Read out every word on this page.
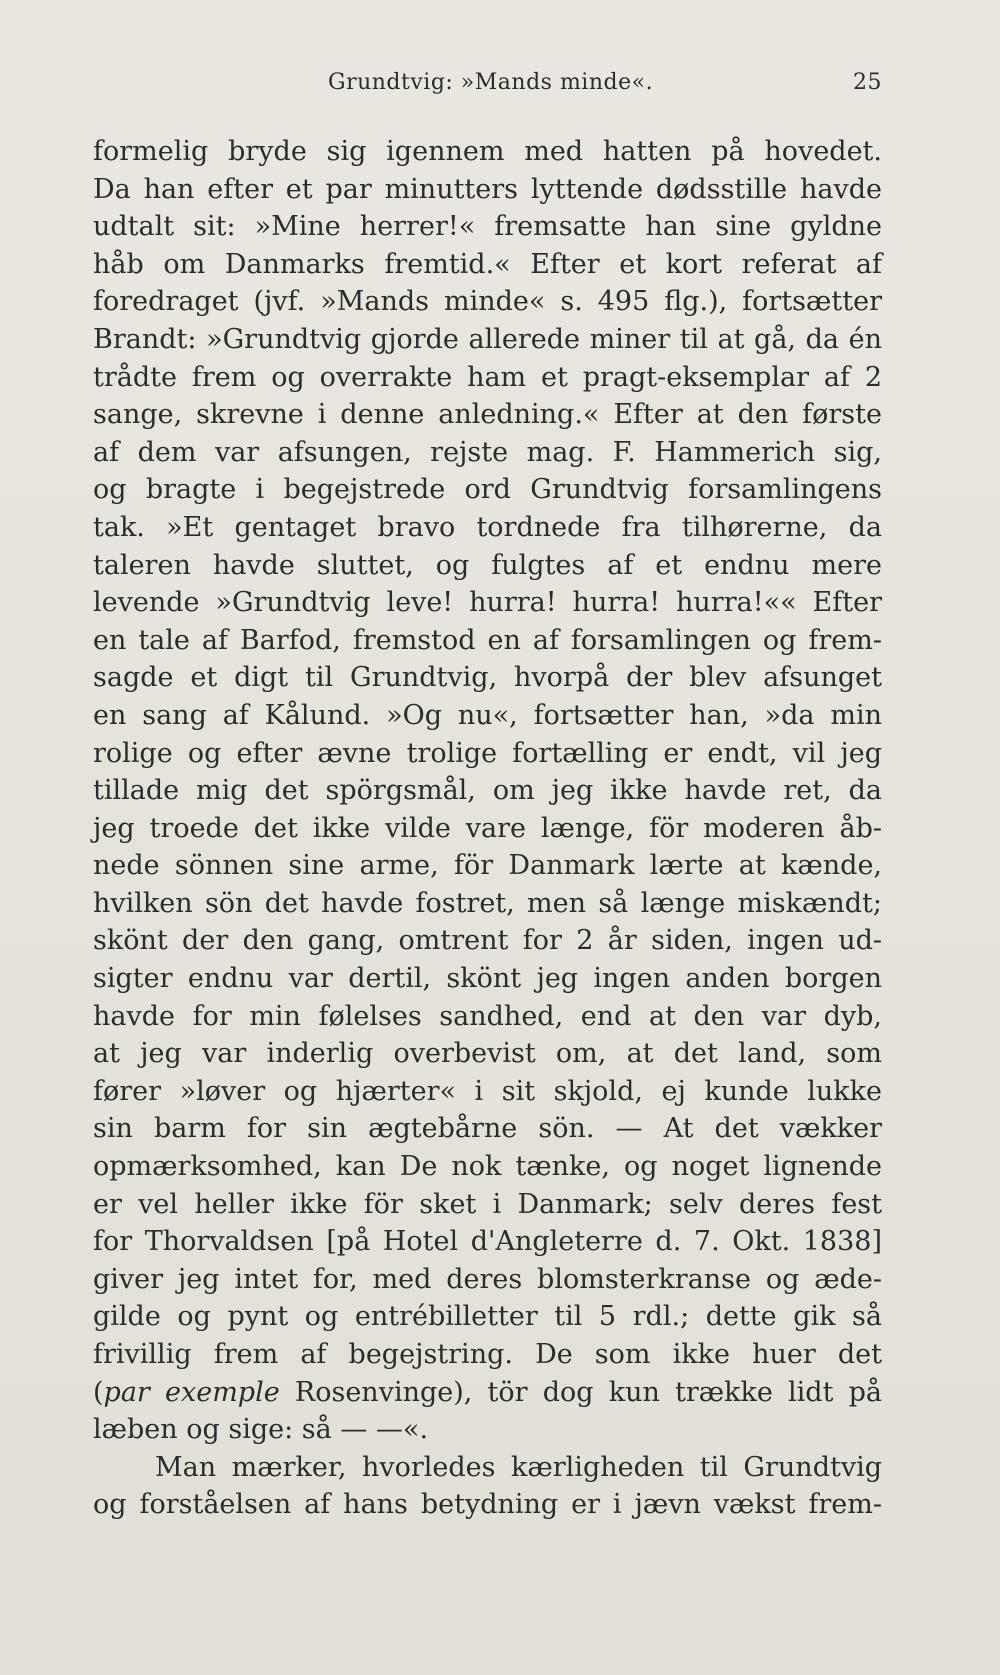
Grundtvig: »Mands minde«.	25
formelig bryde sig igennem med hatten på hovedet.
Da han efter et par minutters lyttende dødsstille havde
udtalt sit: »Mine herrer!« fremsatte han sine gyldne
håb om Danmarks fremtid.« Efter et kort referat af
foredraget (jvf. »Mands minde« s. 495 flg.), fortsætter
Brandt: »Grundtvig gjorde allerede miner til at gå, da én
trådte frem og overrakte ham et pragt-eksemplar af 2
sange, skrevne i denne anledning.« Efter at den første
af dem var afsungen, rejste mag. F. Hammerich sig,
og bragte i begejstrede ord Grundtvig forsamlingens
tak. »Et gentaget bravo tordnede fra tilhørerne, da
taleren havde sluttet, og fulgtes af et endnu mere
levende »Grundtvig leve! hurra! hurra! hurra!«« Efter
en tale af Barfod, fremstod en af forsamlingen og frem-
sagde et digt til Grundtvig, hvorpå der blev afsunget
en sang af Kålund. »Og nu«, fortsætter han, »da min
rolige og efter ævne trolige fortælling er endt, vil jeg
tillade mig det spörgsmål, om jeg ikke havde ret, da
jeg troede det ikke vilde vare længe, för moderen åb-
nede sönnen sine arme, för Danmark lærte at kænde,
hvilken sön det havde fostret, men så længe miskændt;
skönt der den gang, omtrent for 2 år siden, ingen ud-
sigter endnu var dertil, skönt jeg ingen anden borgen
havde for min følelses sandhed, end at den var dyb,
at jeg var inderlig overbevist om, at det land, som
fører »løver og hjærter« i sit skjold, ej kunde lukke
sin barm for sin ægtebårne sön. — At det vækker
opmærksomhed, kan De nok tænke, og noget lignende
er vel heller ikke för sket i Danmark; selv deres fest
for Thorvaldsen [på Hotel d'Angleterre d. 7. Okt. 1838]
giver jeg intet for, med deres blomsterkranse og æde-
gilde og pynt og entrébilletter til 5 rdl.; dette gik så
frivillig frem af begejstring. De som ikke huer det
(par exemple Rosenvinge), tör dog kun trække lidt på
læben og sige: så — —«.
Man mærker, hvorledes kærligheden til Grundtvig
og forståelsen af hans betydning er i jævn vækst frem-
